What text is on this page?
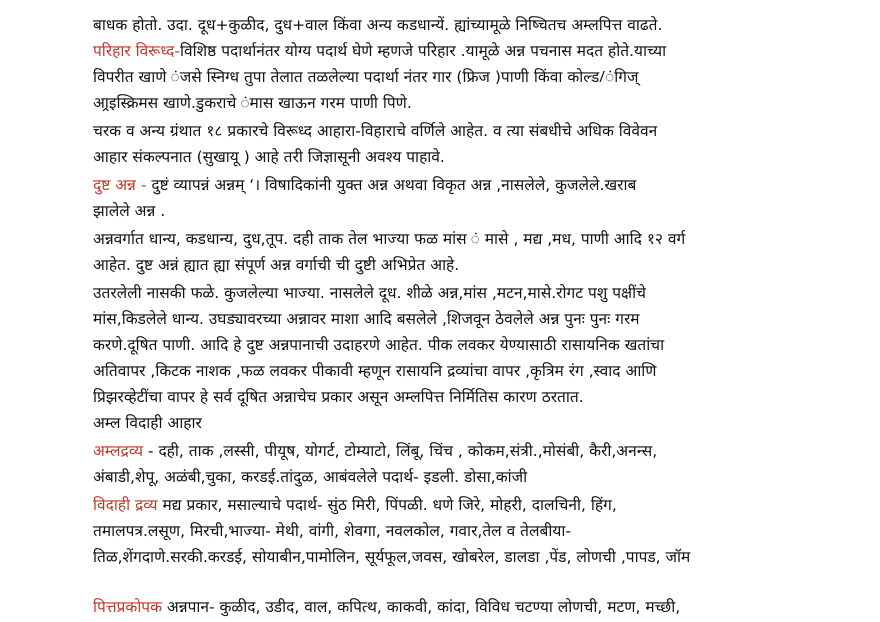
बाधक होतो. उदा. दूध+कुळीद, दुध+वाल किंवा अन्य कडधान्यें. ह्यांच्यामूळे निष्चितच अम्लपित्त वाढते.
परिहार विरूध्द-विशिष्ठ पदार्थानंतर योग्य पदार्थ घेणे म्हणजे परिहार .यामूळे अन्न पचनास मदत होते.याच्या
विपरीत खाणे ंजसे स्निग्ध तुपा तेलात तळलेल्या पदार्था नंतर गार (फ्रिज )पाणी किंवा कोल्ड/ंगिज्
आ्रइस्क्रिमस खाणे.डुकराचे ंमास खाऊन गरम पाणी पिणे.
चरक व अन्य ग्रंथात १८ प्रकारचे विरूध्द आहारा-विहाराचे वर्णिले आहेत. व त्या संबधीचे अधिक विवेवन
आहार संकल्पनात (सुखायू ) आहे तरी जिज्ञासूनी अवश्य पाहावे.
दुष्ट अन्न - दुष्टं व्यापन्नं अन्नम् ‘। विषादिकांनी युक्त अन्न अथवा विकृत अन्न ,नासलेले, कुजलेले.खराब
झालेले अन्न .
अन्नवर्गात धान्य, कडधान्य, दुध,तूप. दही ताक तेल भाज्या फळ मांस ं मासे , मद्य ,मध, पाणी आदि १२ वर्ग
आहेत. दुष्ट अन्नं ह्यात ह्या संपूर्ण अन्न वर्गाची ची दुष्टी अभिप्रेत आहे.
उतरलेली नासकी फळे. कुजलेल्या भाज्या. नासलेले दूध. शीळे अन्न,मांस ,मटन,मासे.रोगट पशु पक्षींचे
मांस,किडलेले धान्य. उघड्यावरच्या अन्नावर माशा आदि बसलेले ,शिजवून ठेवलेले अन्न पुनः पुनः गरम
करणे.दूषित पाणी. आदि हे दुष्ट अन्नपानाची उदाहरणे आहेत. पीक लवकर येण्यासाठी रासायनिक खतांचा
अतिवापर ,किटक नाशक ,फळ लवकर पीकावी म्हणून रासायनि द्रव्यांचा वापर ,कृत्रिम रंग ,स्वाद आणि
प्रिझरव्हेटींचा वापर हे सर्व दूषित अन्नाचेच प्रकार असून अम्लपित्त निर्मितिस कारण ठरतात.
अम्ल विदाही आहार
अम्लद्रव्य - दही, ताक ,लस्सी, पीयूष, योगर्ट, टोम्याटो, लिंबू, चिंच , कोकम,संत्री.,मोसंबी, कैरी,अनन्स,
अंबाडी,शेपू, अळंबी,चुका, करडई.तांदुळ, आबंवलेले पदार्थ- इडली. डोसा,कांजी
विदाही द्रव्य मद्य प्रकार, मसाल्याचे पदार्थ- सुंठ मिरी, पिंपळी. धणे जिरे, मोहरी, दालचिनी, हिंग,
तमालपत्र.लसूण, मिरची,भाज्या- मेथी, वांगी, शेवगा, नवलकोल, गवार,तेल व तेलबीया-
तिळ,शेंगदाणे.सरकी.करडई, सोयाबीन,पामोलिन, सूर्यफूल,जवस, खोबरेल, डालडा ,पेंड, लोणची ,पापड, जॉम
पित्तप्रकोपक अन्नपान- कुळीद, उडीद, वाल, कपित्थ, काकवी, कांदा, विविध चटण्या लोणची, मटण, मच्छी,
